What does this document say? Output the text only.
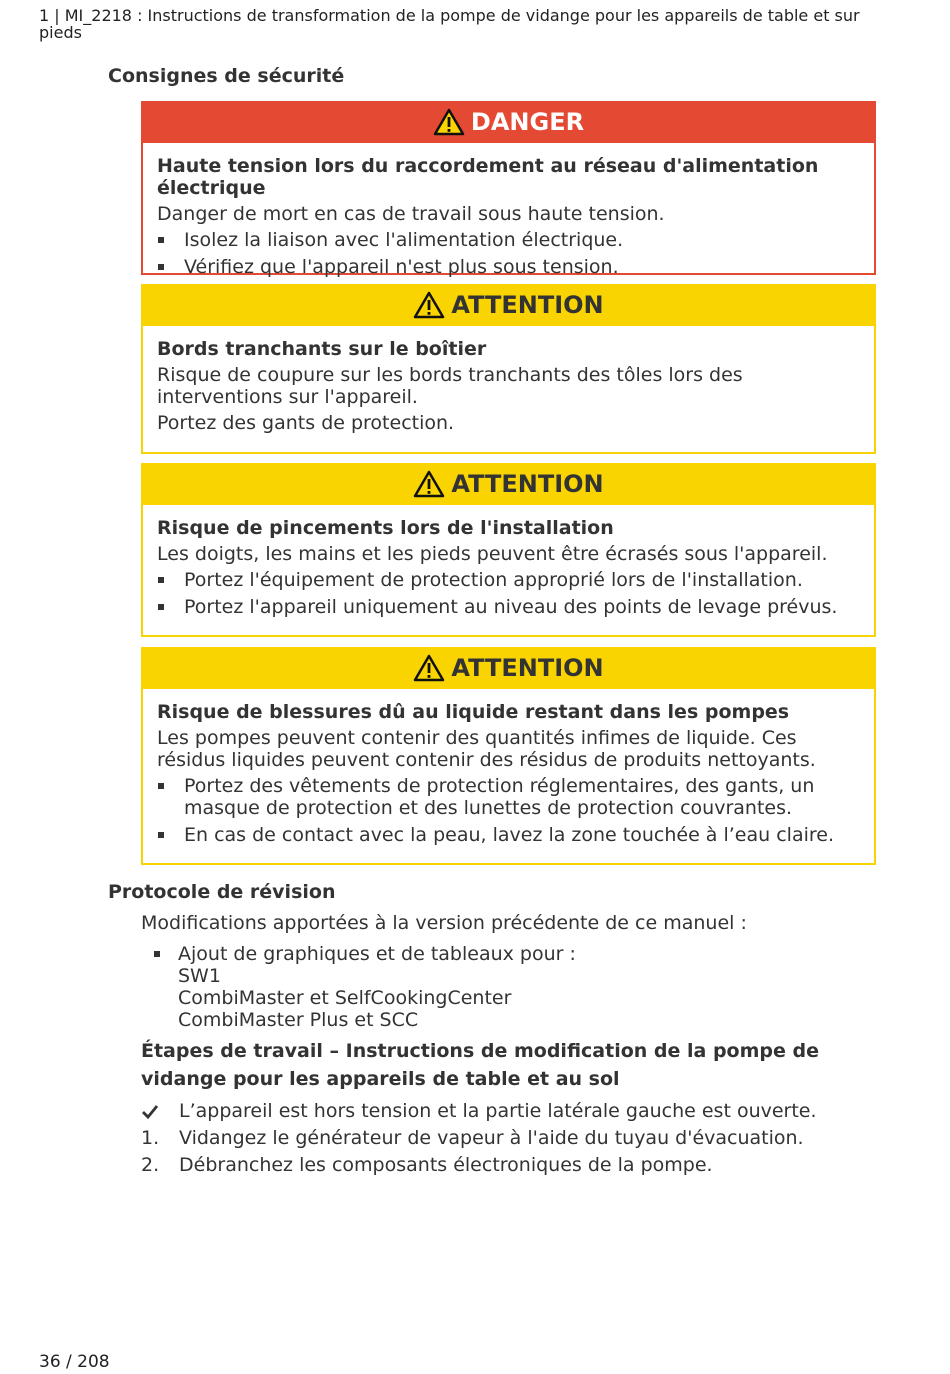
1 | MI_2218 : Instructions de transformation de la pompe de vidange pour les appareils de table et sur pieds
Consignes de sécurité
DANGER
Haute tension lors du raccordement au réseau d'alimentation électrique
Danger de mort en cas de travail sous haute tension.
Isolez la liaison avec l'alimentation électrique.
Vérifiez que l'appareil n'est plus sous tension.
ATTENTION
Bords tranchants sur le boîtier
Risque de coupure sur les bords tranchants des tôles lors des interventions sur l'appareil.
Portez des gants de protection.
ATTENTION
Risque de pincements lors de l'installation
Les doigts, les mains et les pieds peuvent être écrasés sous l'appareil.
Portez l'équipement de protection approprié lors de l'installation.
Portez l'appareil uniquement au niveau des points de levage prévus.
ATTENTION
Risque de blessures dû au liquide restant dans les pompes
Les pompes peuvent contenir des quantités infimes de liquide. Ces résidus liquides peuvent contenir des résidus de produits nettoyants.
Portez des vêtements de protection réglementaires, des gants, un masque de protection et des lunettes de protection couvrantes.
En cas de contact avec la peau, lavez la zone touchée à l’eau claire.
Protocole de révision
Modifications apportées à la version précédente de ce manuel :
Ajout de graphiques et de tableaux pour :
SW1
CombiMaster et SelfCookingCenter
CombiMaster Plus et SCC
Étapes de travail – Instructions de modification de la pompe de vidange pour les appareils de table et au sol
L’appareil est hors tension et la partie latérale gauche est ouverte.
1.	Vidangez le générateur de vapeur à l'aide du tuyau d'évacuation.
2.	Débranchez les composants électroniques de la pompe.
36 / 208
